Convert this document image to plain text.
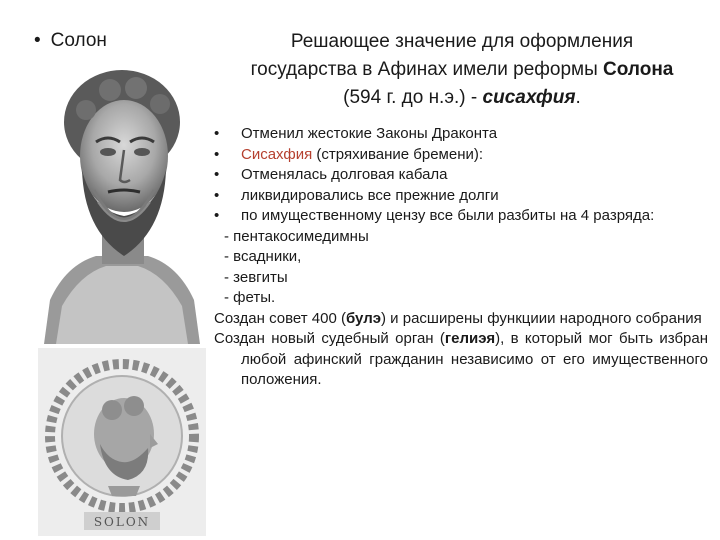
• Солон
SOLON
Решающее значение для оформления
государства в Афинах имели реформы Солона
(594 г. до н.э.) - сисахфия.
• Отменил жестокие Законы Драконта
• Сисахфия (стряхивание бремени):
• Отменялась долговая кабала
• ликвидировались все прежние долги
• по имущественному цензу все были разбиты на 4 разряда:
- пентакосимедимны
- всадники,
- зевгиты
- феты.
Создан совет 400 (булэ) и расширены функциии народного собрания
Создан новый судебный орган (гелиэя), в который мог быть избран любой афинский гражданин независимо от его имущественного положения.
